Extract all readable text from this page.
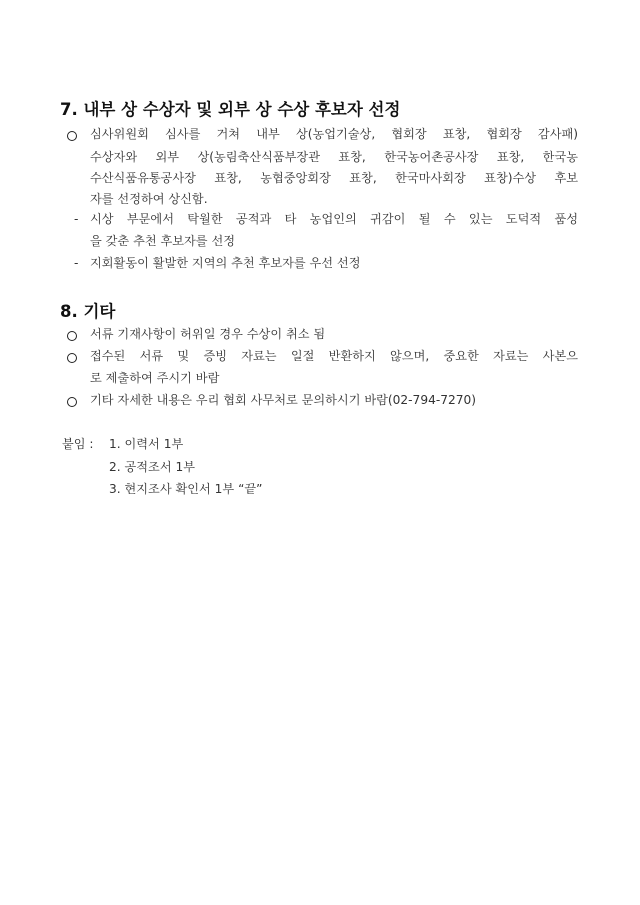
7. 내부 상 수상자 및 외부 상 수상 후보자 선정
심사위원회 심사를 거쳐 내부 상(농업기술상, 협회장 표창, 협회장 감사패)
수상자와 외부 상(농림축산식품부장관 표창, 한국농어촌공사장 표창, 한국농
수산식품유통공사장 표창, 농협중앙회장 표창, 한국마사회장 표창)수상 후보
자를 선정하여 상신함.
- 시상 부문에서 탁월한 공적과 타 농업인의 귀감이 될 수 있는 도덕적 품성
을 갖춘 추천 후보자를 선정
- 지회활동이 활발한 지역의 추천 후보자를 우선 선정
8. 기타
서류 기재사항이 허위일 경우 수상이 취소 됨
접수된 서류 및 증빙 자료는 일절 반환하지 않으며, 중요한 자료는 사본으
로 제출하여 주시기 바람
기타 자세한 내용은 우리 협회 사무처로 문의하시기 바람(02-794-7270)
붙임 : 1. 이력서 1부
2. 공적조서 1부
3. 현지조사 확인서 1부 “끝”
